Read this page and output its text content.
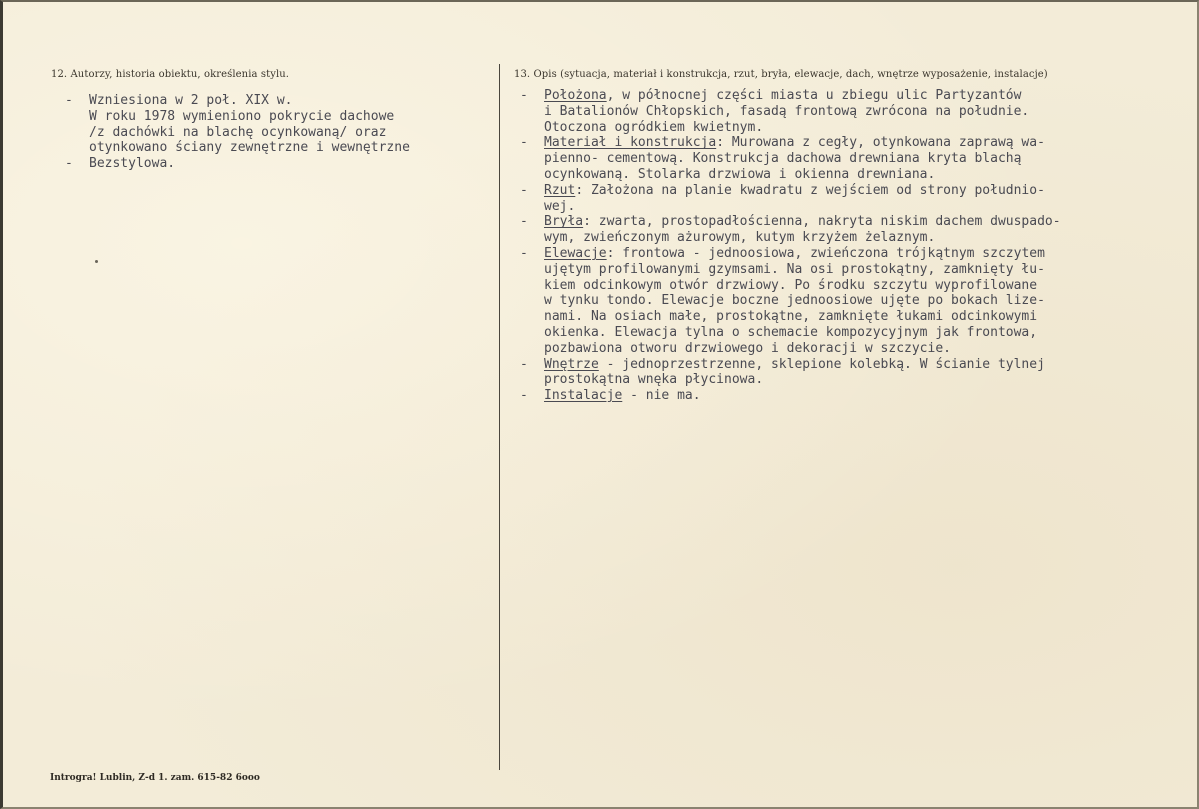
12. Autorzy, historia obiektu, określenia stylu.	13. Opis (sytuacja, materiał i konstrukcja, rzut, bryła, elewacje, dach, wnętrze wyposażenie, instalacje)
- Wzniesiona w 2 poł. XIX w.
W roku 1978 wymieniono pokrycie dachowe
/z dachówki na blachę ocynkowaną/ oraz
otynkowano ściany zewnętrzne i wewnętrzne
- Bezstylowa.
- Położona, w północnej części miasta u zbiegu ulic Partyzantów
i Batalionów Chłopskich, fasadą frontową zwrócona na południe.
Otoczona ogródkiem kwietnym.
- Materiał i konstrukcja: Murowana z cegły, otynkowana zaprawą wa-
pienno- cementową. Konstrukcja dachowa drewniana kryta blachą
ocynkowaną. Stolarka drzwiowa i okienna drewniana.
- Rzut: Założona na planie kwadratu z wejściem od strony południo-
wej.
- Bryła: zwarta, prostopadłościenna, nakryta niskim dachem dwuspado-
wym, zwieńczonym ażurowym, kutym krzyżem żelaznym.
- Elewacje: frontowa - jednoosiowa, zwieńczona trójkątnym szczytem
ujętym profilowanymi gzymsami. Na osi prostokątny, zamknięty łu-
kiem odcinkowym otwór drzwiowy. Po środku szczytu wyprofilowane
w tynku tondo. Elewacje boczne jednoosiowe ujęte po bokach lize-
nami. Na osiach małe, prostokątne, zamknięte łukami odcinkowymi
okienka. Elewacja tylna o schemacie kompozycyjnym jak frontowa,
pozbawiona otworu drzwiowego i dekoracji w szczycie.
- Wnętrze - jednoprzestrzenne, sklepione kolebką. W ścianie tylnej
prostokątna wnęka płycinowa.
- Instalacje - nie ma.
Introgra! Lublin, Z-d 1. zam. 615-82 6ooo
